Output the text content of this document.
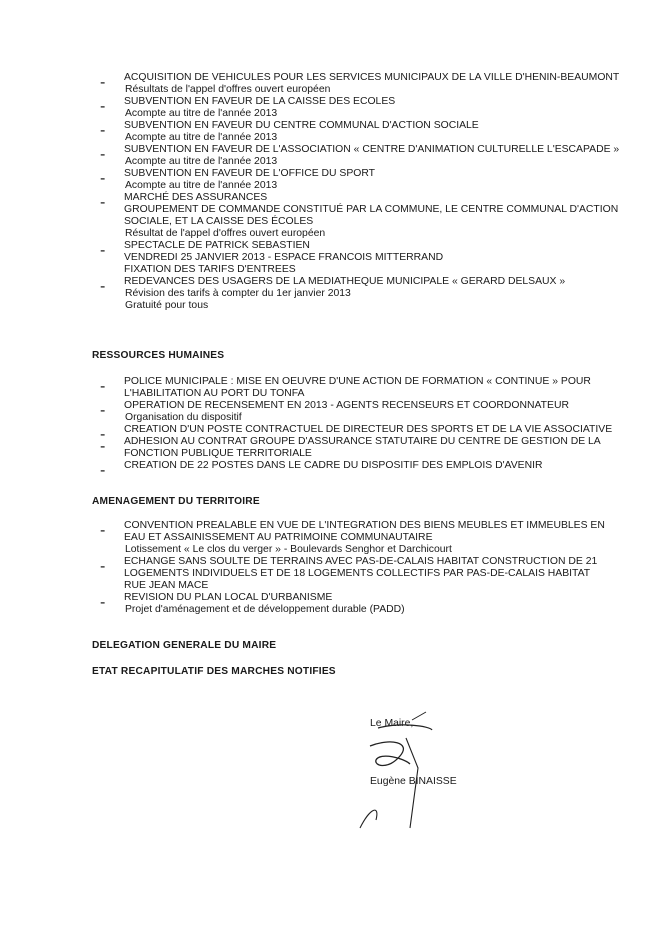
-	ACQUISITION DE VEHICULES POUR LES SERVICES MUNICIPAUX DE LA VILLE D'HENIN-BEAUMONT
Résultats de l'appel d'offres ouvert européen
-	SUBVENTION EN FAVEUR DE LA CAISSE DES ECOLES
Acompte au titre de l'année 2013
-	SUBVENTION EN FAVEUR DU CENTRE COMMUNAL D'ACTION SOCIALE
Acompte au titre de l'année 2013
-	SUBVENTION EN FAVEUR DE L'ASSOCIATION « CENTRE D'ANIMATION CULTURELLE L'ESCAPADE »
Acompte au titre de l'année 2013
-	SUBVENTION EN FAVEUR DE L'OFFICE DU SPORT
Acompte au titre de l'année 2013
-	MARCHÉ DES ASSURANCES
GROUPEMENT DE COMMANDE CONSTITUÉ PAR LA COMMUNE, LE CENTRE COMMUNAL D'ACTION
SOCIALE, ET LA CAISSE DES ÉCOLES
Résultat de l'appel d'offres ouvert européen
-	SPECTACLE DE PATRICK SEBASTIEN
VENDREDI 25 JANVIER 2013 - ESPACE FRANCOIS MITTERRAND
FIXATION DES TARIFS D'ENTREES
-	REDEVANCES DES USAGERS DE LA MEDIATHEQUE MUNICIPALE « GERARD DELSAUX »
Révision des tarifs à compter du 1er janvier 2013
Gratuité pour tous
RESSOURCES HUMAINES
-	POLICE MUNICIPALE : MISE EN OEUVRE D'UNE ACTION DE FORMATION « CONTINUE » POUR
L'HABILITATION AU PORT DU TONFA
-	OPERATION DE RECENSEMENT EN 2013 - AGENTS RECENSEURS ET COORDONNATEUR
Organisation du dispositif
-	CREATION D'UN POSTE CONTRACTUEL DE DIRECTEUR DES SPORTS ET DE LA VIE ASSOCIATIVE
-	ADHESION AU CONTRAT GROUPE D'ASSURANCE STATUTAIRE DU CENTRE DE GESTION DE LA
FONCTION PUBLIQUE TERRITORIALE
-	CREATION DE 22 POSTES DANS LE CADRE DU DISPOSITIF DES EMPLOIS D'AVENIR
AMENAGEMENT DU TERRITOIRE
-	CONVENTION PREALABLE EN VUE DE L'INTEGRATION DES BIENS MEUBLES ET IMMEUBLES EN
EAU ET ASSAINISSEMENT AU PATRIMOINE COMMUNAUTAIRE
Lotissement « Le clos du verger » - Boulevards Senghor et Darchicourt
-	ECHANGE SANS SOULTE DE TERRAINS AVEC PAS-DE-CALAIS HABITAT CONSTRUCTION DE 21
LOGEMENTS INDIVIDUELS ET DE 18 LOGEMENTS COLLECTIFS PAR PAS-DE-CALAIS HABITAT
RUE JEAN MACE
-	REVISION DU PLAN LOCAL D'URBANISME
Projet d'aménagement et de développement durable (PADD)
DELEGATION GENERALE DU MAIRE
ETAT RECAPITULATIF DES MARCHES NOTIFIES
Le Maire,
Eugène BINAISSE
